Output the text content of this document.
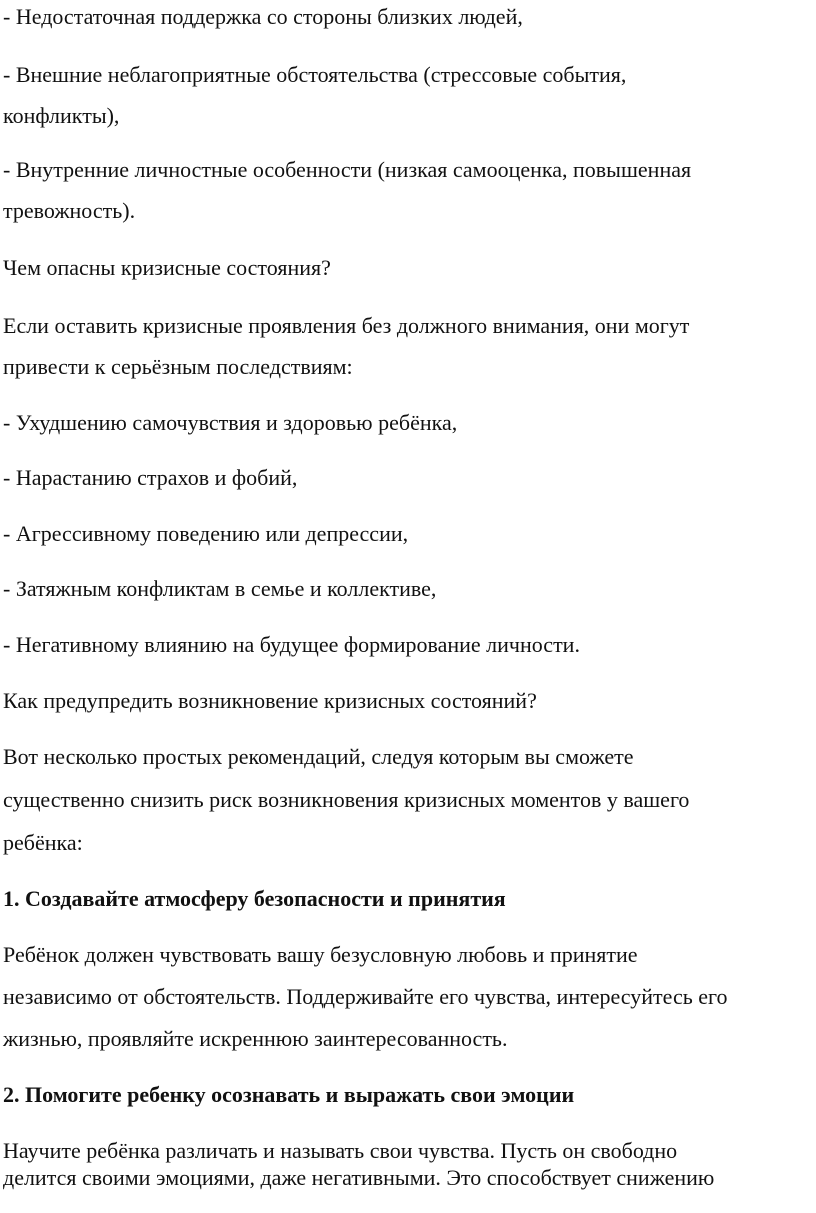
- Недостаточная поддержка со стороны близких людей,

- Внешние неблагоприятные обстоятельства (стрессовые события,

конфликты),

- Внутренние личностные особенности (низкая самооценка, повышенная

тревожность).

Чем опасны кризисные состояния?

Если оставить кризисные проявления без должного внимания, они могут

привести к серьёзным последствиям:

- Ухудшению самочувствия и здоровью ребёнка,

- Нарастанию страхов и фобий,

- Агрессивному поведению или депрессии,

- Затяжным конфликтам в семье и коллективе,

- Негативному влиянию на будущее формирование личности.

Как предупредить возникновение кризисных состояний?

Вот несколько простых рекомендаций, следуя которым вы сможете

существенно снизить риск возникновения кризисных моментов у вашего

ребёнка:

1. Создавайте атмосферу безопасности и принятия

Ребёнок должен чувствовать вашу безусловную любовь и принятие

независимо от обстоятельств. Поддерживайте его чувства, интересуйтесь его

жизнью, проявляйте искреннюю заинтересованность.

2. Помогите ребенку осознавать и выражать свои эмоции

Научите ребёнка различать и называть свои чувства. Пусть он свободно

делится своими эмоциями, даже негативными. Это способствует снижению
